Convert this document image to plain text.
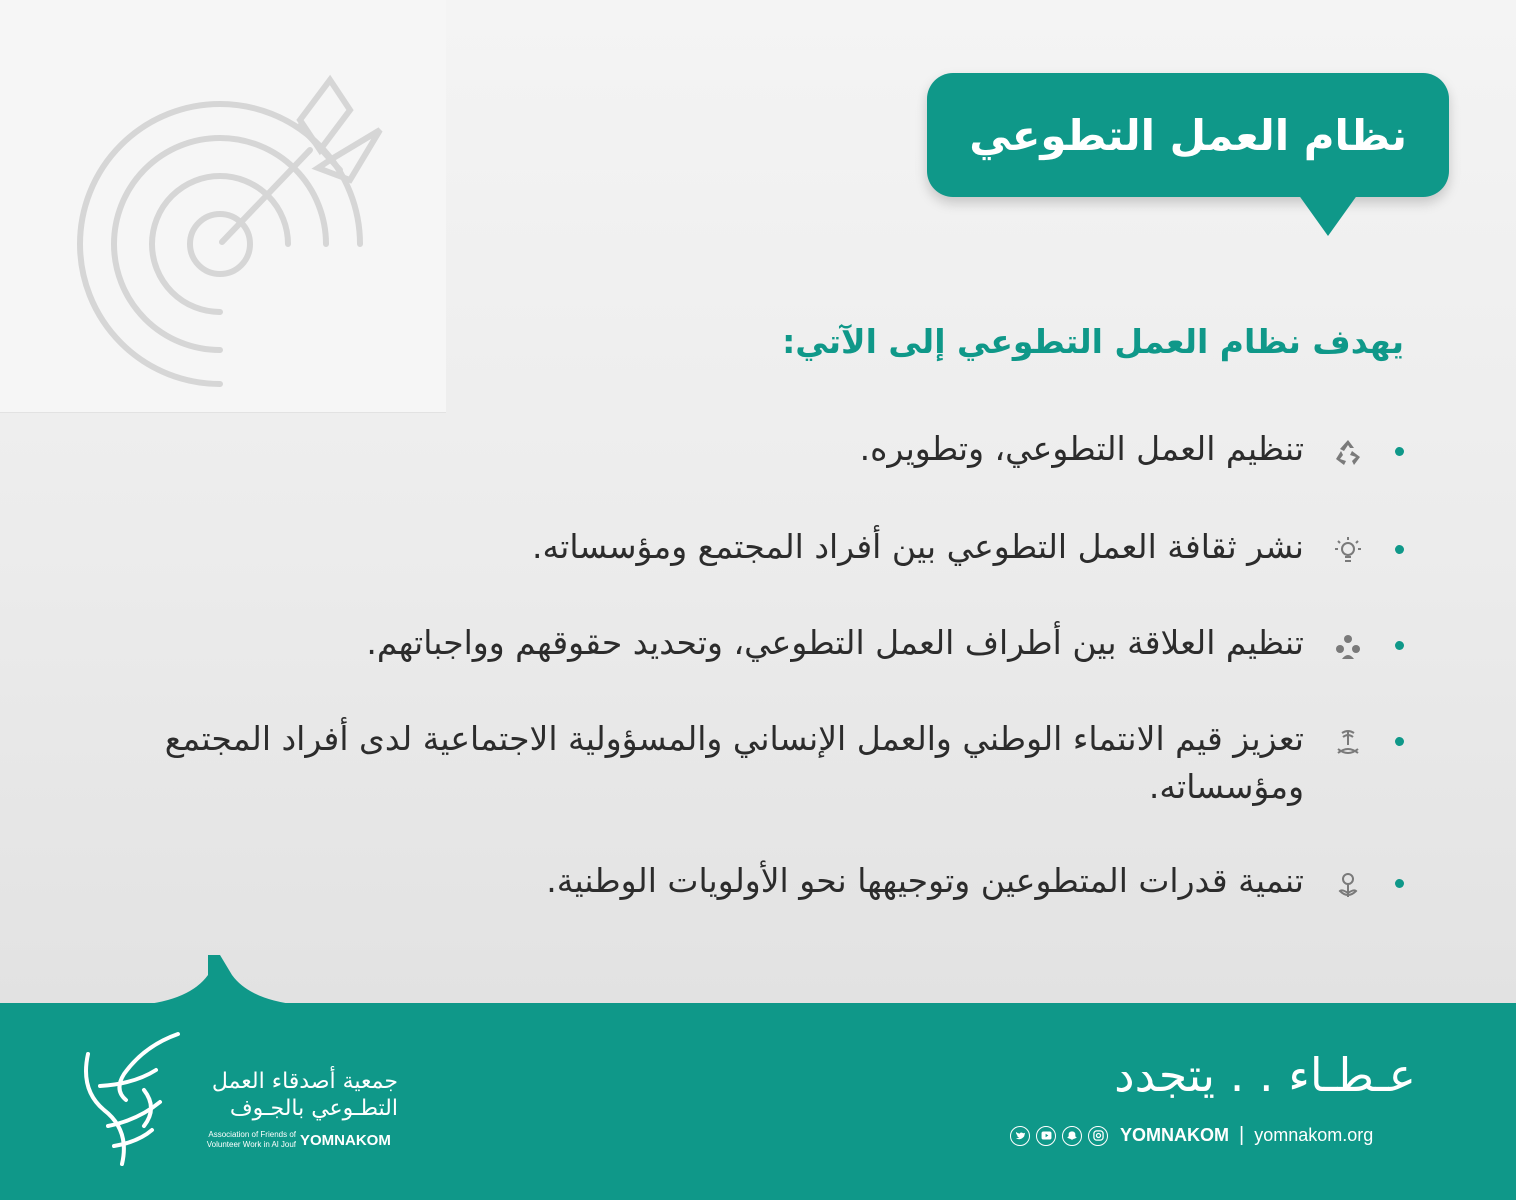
نظام العمل التطوعي
يهدف نظام العمل التطوعي إلى الآتي:
تنظيم العمل التطوعي، وتطويره.
نشر ثقافة العمل التطوعي بين أفراد المجتمع ومؤسساته.
تنظيم العلاقة بين أطراف العمل التطوعي، وتحديد حقوقهم وواجباتهم.
تعزيز قيم الانتماء الوطني والعمل الإنساني والمسؤولية الاجتماعية لدى أفراد المجتمع ومؤسساته.
تنمية قدرات المتطوعين وتوجيهها نحو الأولويات الوطنية.
جمعية أصدقاء العمل
التطـوعي بالجـوف
Association of Friends of
Volunteer Work in Al Jouf YOMNAKOM
عـطـاء . . يتجدد
YOMNAKOM | yomnakom.org
